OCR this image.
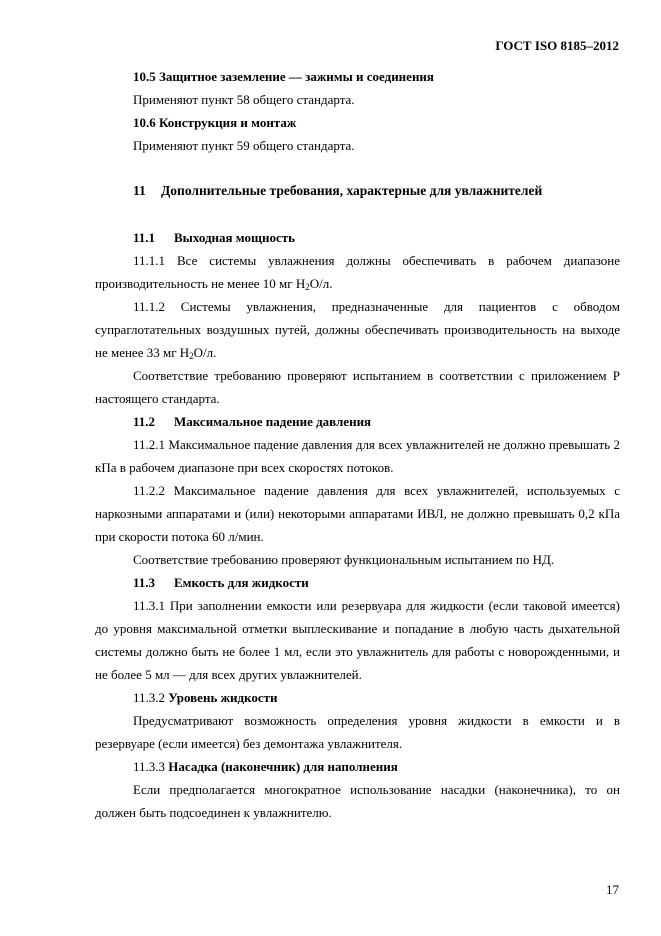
ГОСТ ISO 8185–2012

10.5 Защитное заземление — зажимы и соединения

Применяют пункт 58 общего стандарта.

10.6 Конструкция и монтаж

Применяют пункт 59 общего стандарта.

11 Дополнительные требования, характерные для увлажнителей

11.1 Выходная мощность

11.1.1 Все системы увлажнения должны обеспечивать в рабочем диапазоне производительность не менее 10 мг $H_2O/л$.

11.1.2 Системы увлажнения, предназначенные для пациентов с обводом супраглотательных воздушных путей, должны обеспечивать производительность на выходе не менее 33 мг $H_2O/л$.

Соответствие требованию проверяют испытанием в соответствии с приложением Р настоящего стандарта.

11.2 Максимальное падение давления

11.2.1 Максимальное падение давления для всех увлажнителей не должно превышать 2 кПа в рабочем диапазоне при всех скоростях потоков.

11.2.2 Максимальное падение давления для всех увлажнителей, используемых с наркозными аппаратами и (или) некоторыми аппаратами ИВЛ, не должно превышать 0,2 кПа при скорости потока 60 л/мин.

Соответствие требованию проверяют функциональным испытанием по НД.

11.3 Емкость для жидкости

11.3.1 При заполнении емкости или резервуара для жидкости (если таковой имеется) до уровня максимальной отметки выплескивание и попадание в любую часть дыхательной системы должно быть не более 1 мл, если это увлажнитель для работы с новорожденными, и не более 5 мл — для всех других увлажнителей.

11.3.2 Уровень жидкости

Предусматривают возможность определения уровня жидкости в емкости и в резервуаре (если имеется) без демонтажа увлажнителя.

11.3.3 Насадка (наконечник) для наполнения

Если предполагается многократное использование насадки (наконечника), то он должен быть подсоединен к увлажнителю.

17
